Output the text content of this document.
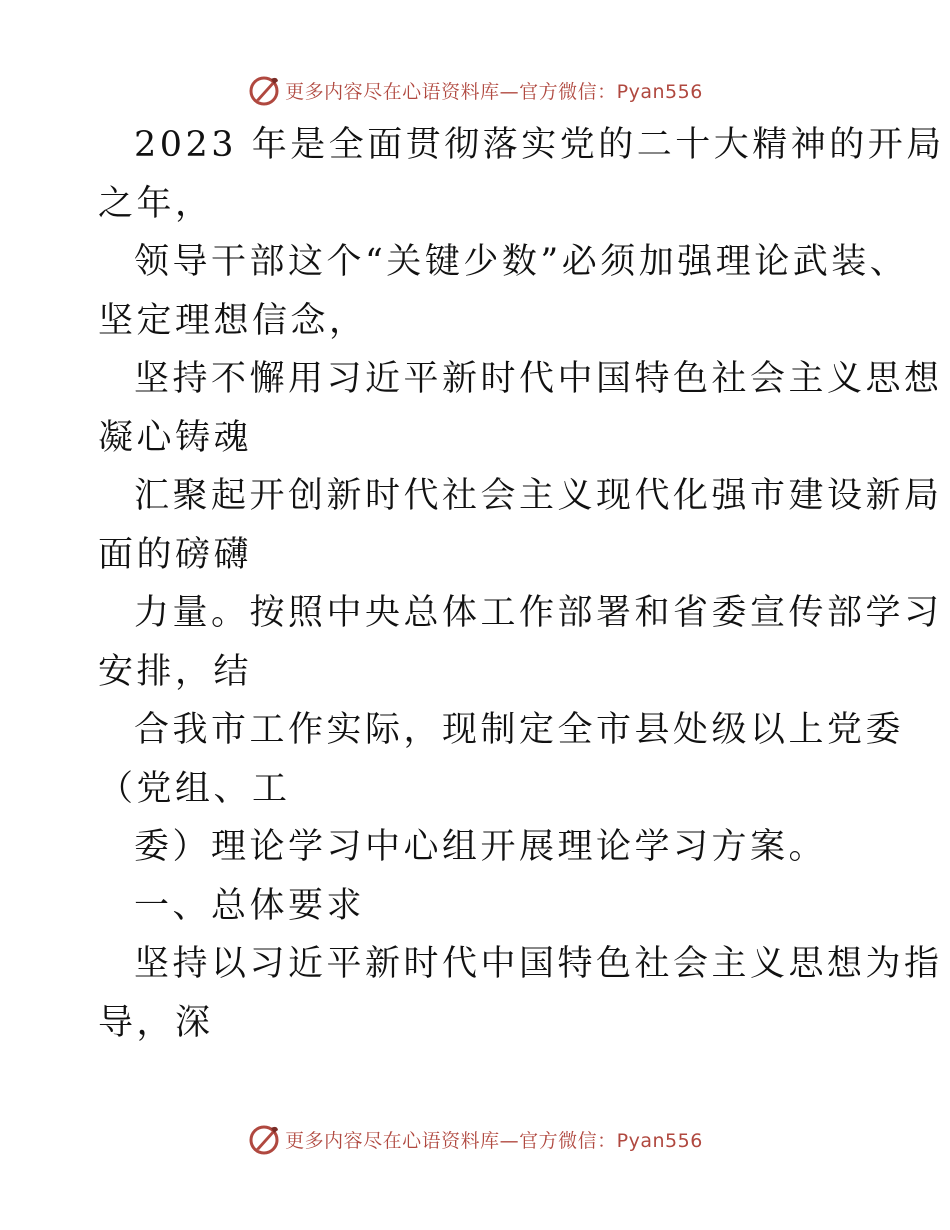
更多内容尽在心语资料库—官方微信：Pyan556
2023 年是全面贯彻落实党的二十大精神的开局
之年，
领导干部这个“关键少数”必须加强理论武装、
坚定理想信念，
坚持不懈用习近平新时代中国特色社会主义思想
凝心铸魂
汇聚起开创新时代社会主义现代化强市建设新局
面的磅礴
力量。按照中央总体工作部署和省委宣传部学习
安排，结
合我市工作实际，现制定全市县处级以上党委
（党组、工
委）理论学习中心组开展理论学习方案。
一、总体要求
坚持以习近平新时代中国特色社会主义思想为指
导，深
更多内容尽在心语资料库—官方微信：Pyan556
